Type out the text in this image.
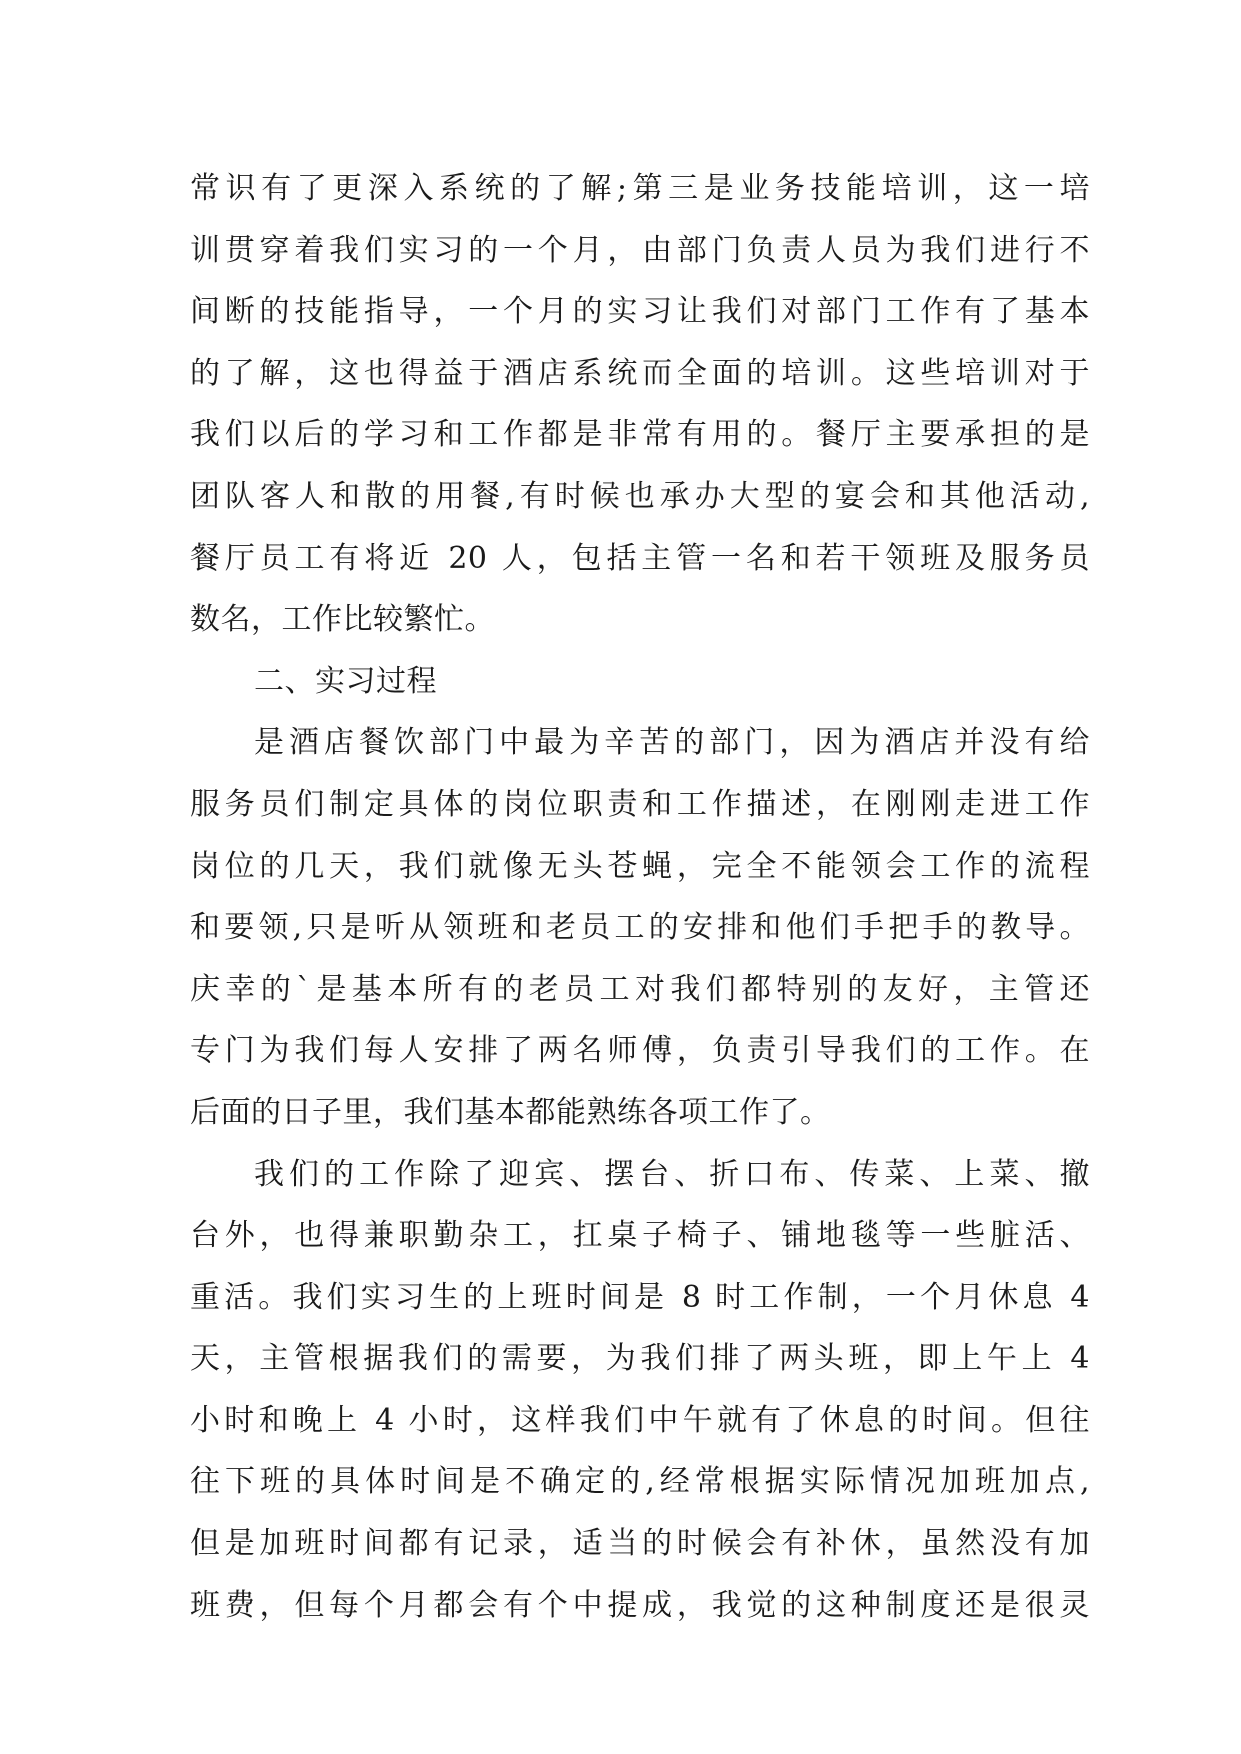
常识有了更深入系统的了解;第三是业务技能培训，这一培
训贯穿着我们实习的一个月，由部门负责人员为我们进行不
间断的技能指导，一个月的实习让我们对部门工作有了基本
的了解，这也得益于酒店系统而全面的培训。这些培训对于
我们以后的学习和工作都是非常有用的。餐厅主要承担的是
团队客人和散的用餐,有时候也承办大型的宴会和其他活动,
餐厅员工有将近 20 人，包括主管一名和若干领班及服务员
数名，工作比较繁忙。
二、实习过程
是酒店餐饮部门中最为辛苦的部门，因为酒店并没有给
服务员们制定具体的岗位职责和工作描述，在刚刚走进工作
岗位的几天，我们就像无头苍蝇，完全不能领会工作的流程
和要领,只是听从领班和老员工的安排和他们手把手的教导。
庆幸的`是基本所有的老员工对我们都特别的友好，主管还
专门为我们每人安排了两名师傅，负责引导我们的工作。在
后面的日子里，我们基本都能熟练各项工作了。
我们的工作除了迎宾、摆台、折口布、传菜、上菜、撤
台外，也得兼职勤杂工，扛桌子椅子、铺地毯等一些脏活、
重活。我们实习生的上班时间是 8 时工作制，一个月休息 4
天，主管根据我们的需要，为我们排了两头班，即上午上 4
小时和晚上 4 小时，这样我们中午就有了休息的时间。但往
往下班的具体时间是不确定的,经常根据实际情况加班加点,
但是加班时间都有记录，适当的时候会有补休，虽然没有加
班费，但每个月都会有个中提成，我觉的这种制度还是很灵
